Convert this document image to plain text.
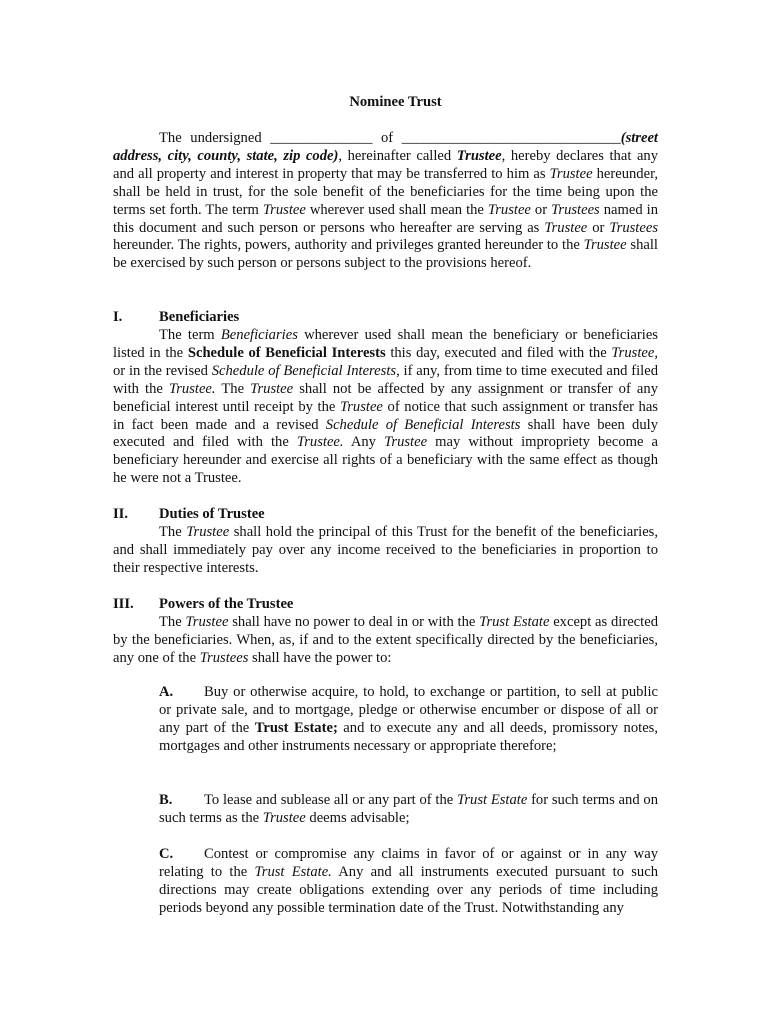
Nominee Trust

The undersigned ______________ of ______________________________(street address, city, county, state, zip code), hereinafter called Trustee, hereby declares that any and all property and interest in property that may be transferred to him as Trustee hereunder, shall be held in trust, for the sole benefit of the beneficiaries for the time being upon the terms set forth. The term Trustee wherever used shall mean the Trustee or Trustees named in this document and such person or persons who hereafter are serving as Trustee or Trustees hereunder. The rights, powers, authority and privileges granted hereunder to the Trustee shall be exercised by such person or persons subject to the provisions hereof.

I.	Beneficiaries

The term Beneficiaries wherever used shall mean the beneficiary or beneficiaries listed in the Schedule of Beneficial Interests this day, executed and filed with the Trustee, or in the revised Schedule of Beneficial Interests, if any, from time to time executed and filed with the Trustee. The Trustee shall not be affected by any assignment or transfer of any beneficial interest until receipt by the Trustee of notice that such assignment or transfer has in fact been made and a revised Schedule of Beneficial Interests shall have been duly executed and filed with the Trustee. Any Trustee may without impropriety become a beneficiary hereunder and exercise all rights of a beneficiary with the same effect as though he were not a Trustee.

II. Duties of Trustee

The Trustee shall hold the principal of this Trust for the benefit of the beneficiaries, and shall immediately pay over any income received to the beneficiaries in proportion to their respective interests.

III. Powers of the Trustee

The Trustee shall have no power to deal in or with the Trust Estate except as directed by the beneficiaries. When, as, if and to the extent specifically directed by the beneficiaries, any one of the Trustees shall have the power to:

A. Buy or otherwise acquire, to hold, to exchange or partition, to sell at public or private sale, and to mortgage, pledge or otherwise encumber or dispose of all or any part of the Trust Estate; and to execute any and all deeds, promissory notes, mortgages and other instruments necessary or appropriate therefore;

B. To lease and sublease all or any part of the Trust Estate for such terms and on such terms as the Trustee deems advisable;

C. Contest or compromise any claims in favor of or against or in any way relating to the Trust Estate. Any and all instruments executed pursuant to such directions may create obligations extending over any periods of time including periods beyond any possible termination date of the Trust. Notwithstanding any
